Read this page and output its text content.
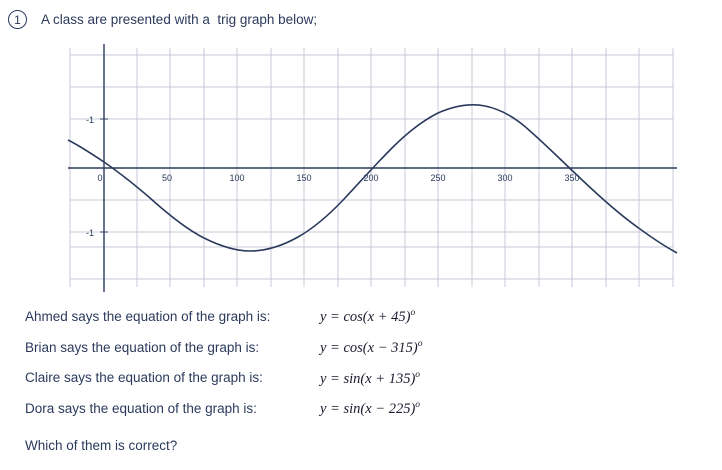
1	A class are presented with a  trig graph below;
-1
-1
0	50	100	150	200	250	300	350
Ahmed says the equation of the graph is:	$y = \cos(x + 45)^o$
Brian says the equation of the graph is:	$y = \cos(x - 315)^o$
Claire says the equation of the graph is:	$y = \sin(x + 135)^o$
Dora says the equation of the graph is:	$y = \sin(x - 225)^o$
Which of them is correct?
